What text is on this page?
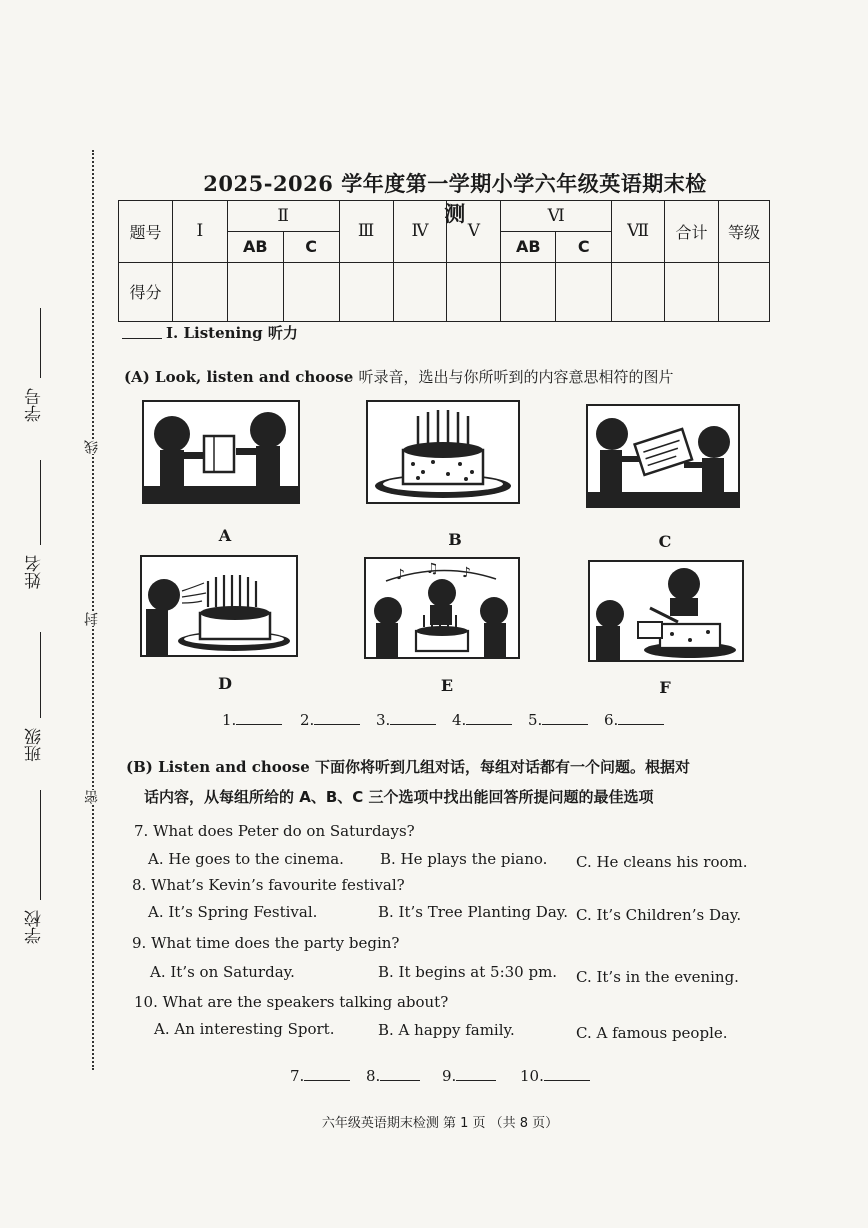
学号
姓名
班级
学校
线
封
密
2025-2026 学年度第一学期小学六年级英语期末检测
题号	Ⅰ	Ⅱ		Ⅲ	Ⅳ	Ⅴ	Ⅵ		Ⅶ	合计	等级
		AB	C				AB	C			
得分											
Ⅰ. Listening 听力
(A) Look, listen and choose 听录音，选出与你所听到的内容意思相符的图片
A	B	C
D
♪ ♫ ♪
E	F
1.	2.	3.	4.	5.	6.
(B) Listen and choose 下面你将听到几组对话，每组对话都有一个问题。根据对
话内容，从每组所给的 A、B、C 三个选项中找出能回答所提问题的最佳选项
7. What does Peter do on Saturdays?
A. He goes to the cinema. B. He plays the piano. C. He cleans his room.
8. What’s Kevin’s favourite festival?
A. It’s Spring Festival.	B. It’s Tree Planting Day. C. It’s Children’s Day.
9. What time does the party begin?
A. It’s on Saturday.	B. It begins at 5:30 pm. C. It’s in the evening.
10. What are the speakers talking about?
A. An interesting Sport.	B. A happy family.	C. A famous people.
7.	8.	9.	10.
六年级英语期末检测 第 1 页 （共 8 页）
